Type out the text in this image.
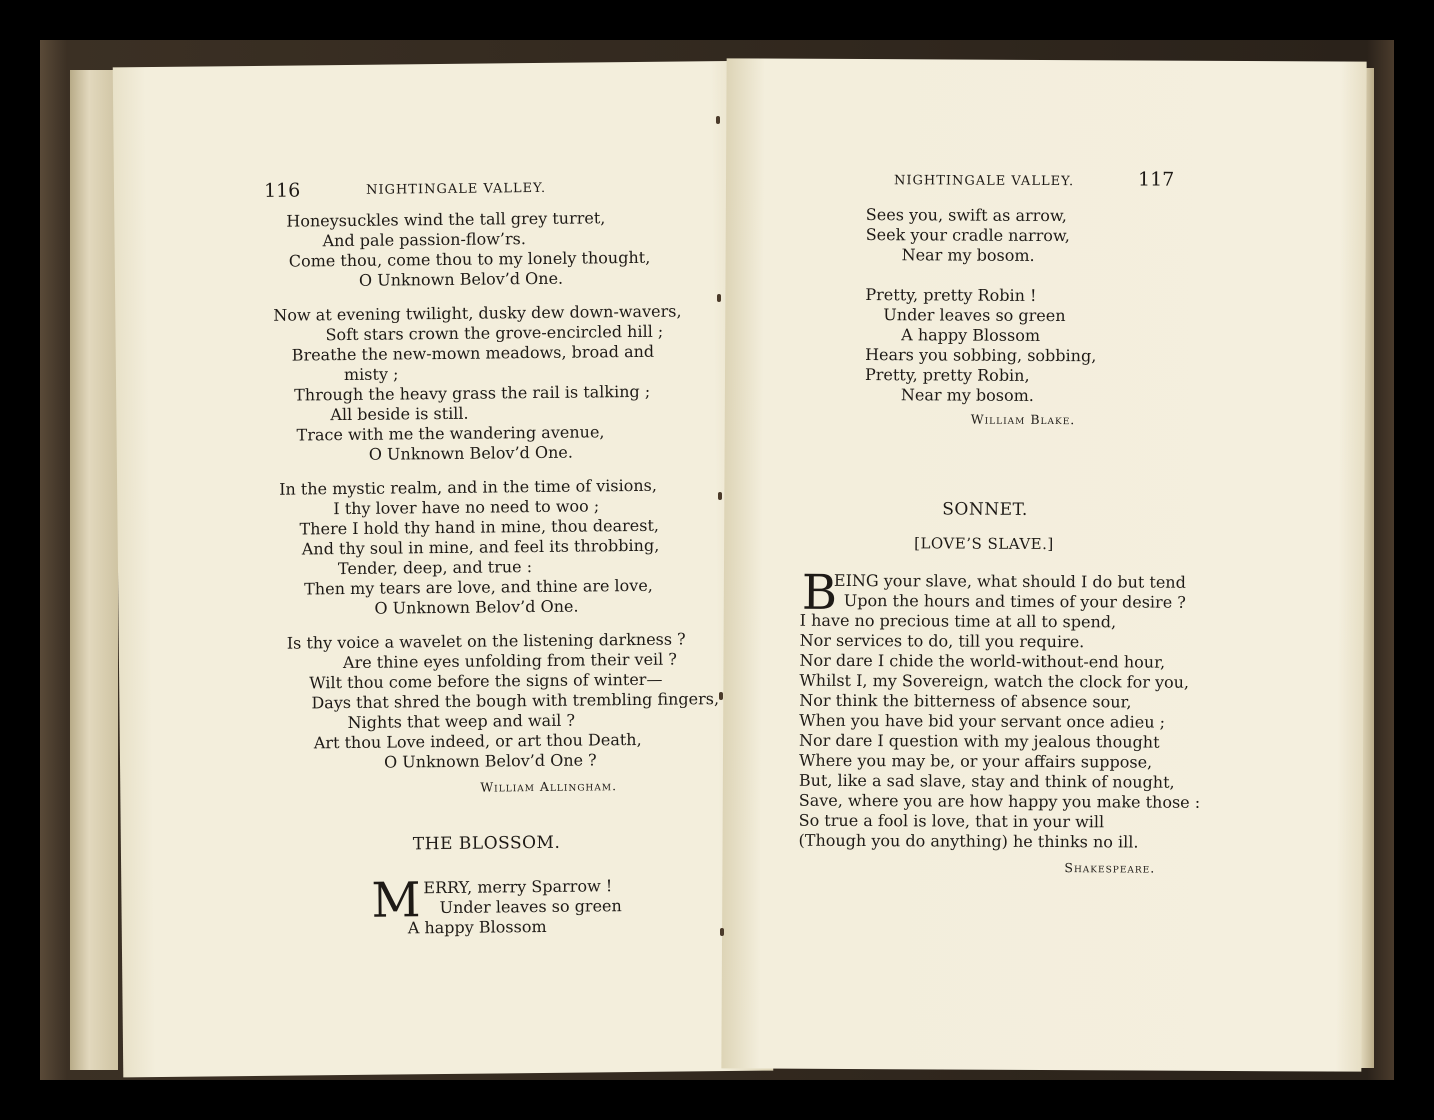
116	NIGHTINGALE VALLEY.
Honeysuckles wind the tall grey turret,
And pale passion-flow’rs.
Come thou, come thou to my lonely thought,
O Unknown Belov’d One.
Now at evening twilight, dusky dew down-wavers,
Soft stars crown the grove-encircled hill ;
Breathe the new-mown meadows, broad and
misty ;
Through the heavy grass the rail is talking ;
All beside is still.
Trace with me the wandering avenue,
O Unknown Belov’d One.
In the mystic realm, and in the time of visions,
I thy lover have no need to woo ;
There I hold thy hand in mine, thou dearest,
And thy soul in mine, and feel its throbbing,
Tender, deep, and true :
Then my tears are love, and thine are love,
O Unknown Belov’d One.
Is thy voice a wavelet on the listening darkness ?
Are thine eyes unfolding from their veil ?
Wilt thou come before the signs of winter—
Days that shred the bough with trembling fingers,
Nights that weep and wail ?
Art thou Love indeed, or art thou Death,
O Unknown Belov’d One ?
William Allingham.
THE BLOSSOM.
M ERRY, merry Sparrow !
Under leaves so green
A happy Blossom
NIGHTINGALE VALLEY.	117
Sees you, swift as arrow,
Seek your cradle narrow,
Near my bosom.
Pretty, pretty Robin !
Under leaves so green
A happy Blossom
Hears you sobbing, sobbing,
Pretty, pretty Robin,
Near my bosom.
William Blake.
SONNET.
[LOVE’S SLAVE.]
B
EING your slave, what should I do but tend
Upon the hours and times of your desire ?
I have no precious time at all to spend,
Nor services to do, till you require.
Nor dare I chide the world-without-end hour,
Whilst I, my Sovereign, watch the clock for you,
Nor think the bitterness of absence sour,
When you have bid your servant once adieu ;
Nor dare I question with my jealous thought
Where you may be, or your affairs suppose,
But, like a sad slave, stay and think of nought,
Save, where you are how happy you make those :
So true a fool is love, that in your will
(Though you do anything) he thinks no ill.
Shakespeare.
